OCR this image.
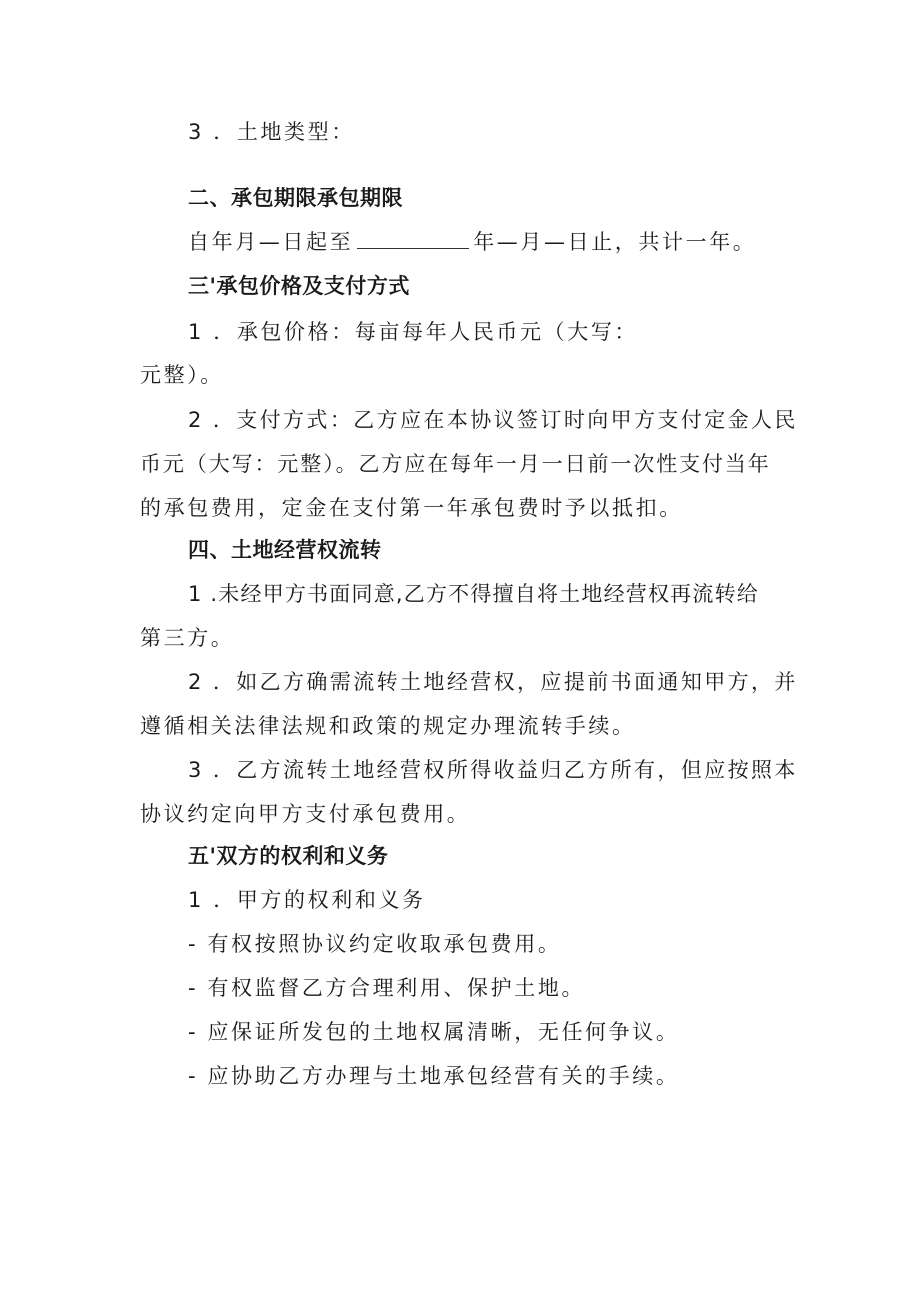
3 ．土地类型：
二、承包期限承包期限
自年月—日起至	年—月—日止，共计一年。
三'承包价格及支付方式
1 ．承包价格：每亩每年人民币元（大写：
元整）。
2 ．支付方式：乙方应在本协议签订时向甲方支付定金人民
币元（大写：元整）。乙方应在每年一月一日前一次性支付当年
的承包费用，定金在支付第一年承包费时予以抵扣。
四、土地经营权流转
1 .未经甲方书面同意,乙方不得擅自将土地经营权再流转给
第三方。
2 ．如乙方确需流转土地经营权，应提前书面通知甲方，并
遵循相关法律法规和政策的规定办理流转手续。
3 ．乙方流转土地经营权所得收益归乙方所有，但应按照本
协议约定向甲方支付承包费用。
五'双方的权利和义务
1 ．甲方的权利和义务
- 有权按照协议约定收取承包费用。
- 有权监督乙方合理利用、保护土地。
- 应保证所发包的土地权属清晰，无任何争议。
- 应协助乙方办理与土地承包经营有关的手续。
